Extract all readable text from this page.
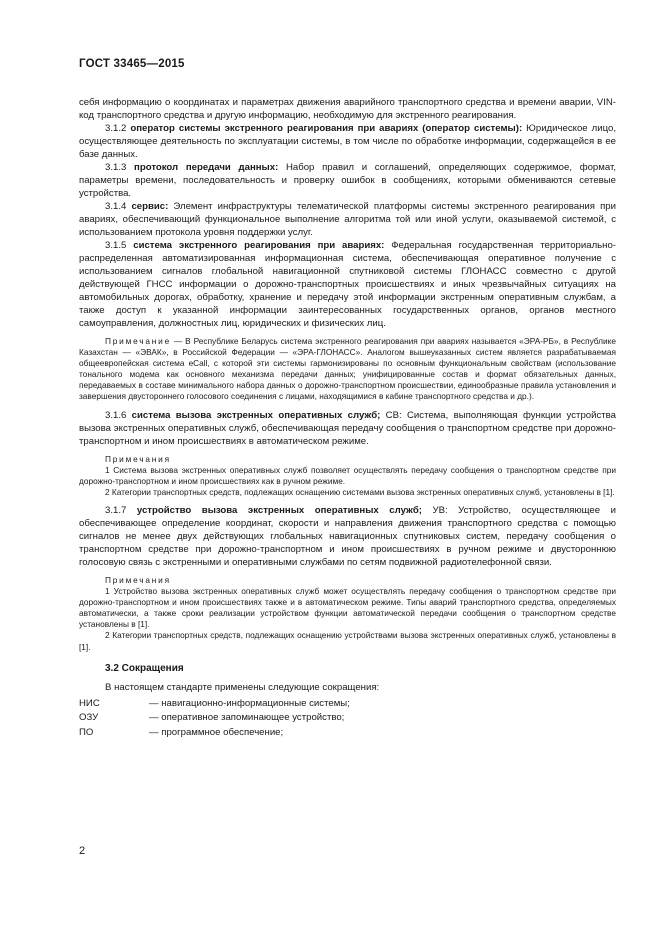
ГОСТ 33465—2015

себя информацию о координатах и параметрах движения аварийного транспортного средства и времени аварии, VIN-код транспортного средства и другую информацию, необходимую для экстренного реагирования.

3.1.2 оператор системы экстренного реагирования при авариях (оператор системы): Юридическое лицо, осуществляющее деятельность по эксплуатации системы, в том числе по обработке информации, содержащейся в ее базе данных.

3.1.3 протокол передачи данных: Набор правил и соглашений, определяющих содержимое, формат, параметры времени, последовательность и проверку ошибок в сообщениях, которыми обмениваются сетевые устройства.

3.1.4 сервис: Элемент инфраструктуры телематической платформы системы экстренного реагирования при авариях, обеспечивающий функциональное выполнение алгоритма той или иной услуги, оказываемой системой, с использованием протокола уровня поддержки услуг.

3.1.5 система экстренного реагирования при авариях: Федеральная государственная территориально-распределенная автоматизированная информационная система, обеспечивающая оперативное получение с использованием сигналов глобальной навигационной спутниковой системы ГЛОНАСС совместно с другой действующей ГНСС информации о дорожно-транспортных происшествиях и иных чрезвычайных ситуациях на автомобильных дорогах, обработку, хранение и передачу этой информации экстренным оперативным службам, а также доступ к указанной информации заинтересованных государственных органов, органов местного самоуправления, должностных лиц, юридических и физических лиц.

Примечание — В Республике Беларусь система экстренного реагирования при авариях называется «ЭРА-РБ», в Республике Казахстан — «ЭВАК», в Российской Федерации — «ЭРА-ГЛОНАСС». Аналогом вышеуказанных систем является разрабатываемая общеевропейская система eCall, с которой эти системы гармонизированы по основным функциональным свойствам (использование тонального модема как основного механизма передачи данных; унифицированные состав и формат обязательных данных, передаваемых в составе минимального набора данных о дорожно-транспортном происшествии, единообразные правила установления и завершения двустороннего голосового соединения с лицами, находящимися в кабине транспортного средства и др.).

3.1.6 система вызова экстренных оперативных служб; СВ: Система, выполняющая функции устройства вызова экстренных оперативных служб, обеспечивающая передачу сообщения о транспортном средстве при дорожно-транспортном и ином происшествиях в автоматическом режиме.

Примечания

1 Система вызова экстренных оперативных служб позволяет осуществлять передачу сообщения о транспортном средстве при дорожно-транспортном и ином происшествиях как в ручном режиме.

2 Категории транспортных средств, подлежащих оснащению системами вызова экстренных оперативных служб, установлены в [1].

3.1.7 устройство вызова экстренных оперативных служб; УВ: Устройство, осуществляющее и обеспечивающее определение координат, скорости и направления движения транспортного средства с помощью сигналов не менее двух действующих глобальных навигационных спутниковых систем, передачу сообщения о транспортном средстве при дорожно-транспортном и ином происшествиях в ручном режиме и двустороннюю голосовую связь с экстренными и оперативными службами по сетям подвижной радиотелефонной связи.

Примечания

1 Устройство вызова экстренных оперативных служб может осуществлять передачу сообщения о транспортном средстве при дорожно-транспортном и ином происшествиях также и в автоматическом режиме. Типы аварий транспортного средства, определяемых автоматически, а также сроки реализации устройством функции автоматической передачи сообщения о транспортном средстве установлены в [1].

2 Категории транспортных средств, подлежащих оснащению устройствами вызова экстренных оперативных служб, установлены в [1].

3.2 Сокращения

В настоящем стандарте применены следующие сокращения:

НИС	— навигационно-информационные системы;
ОЗУ	— оперативное запоминающее устройство;
ПО	— программное обеспечение;
2
